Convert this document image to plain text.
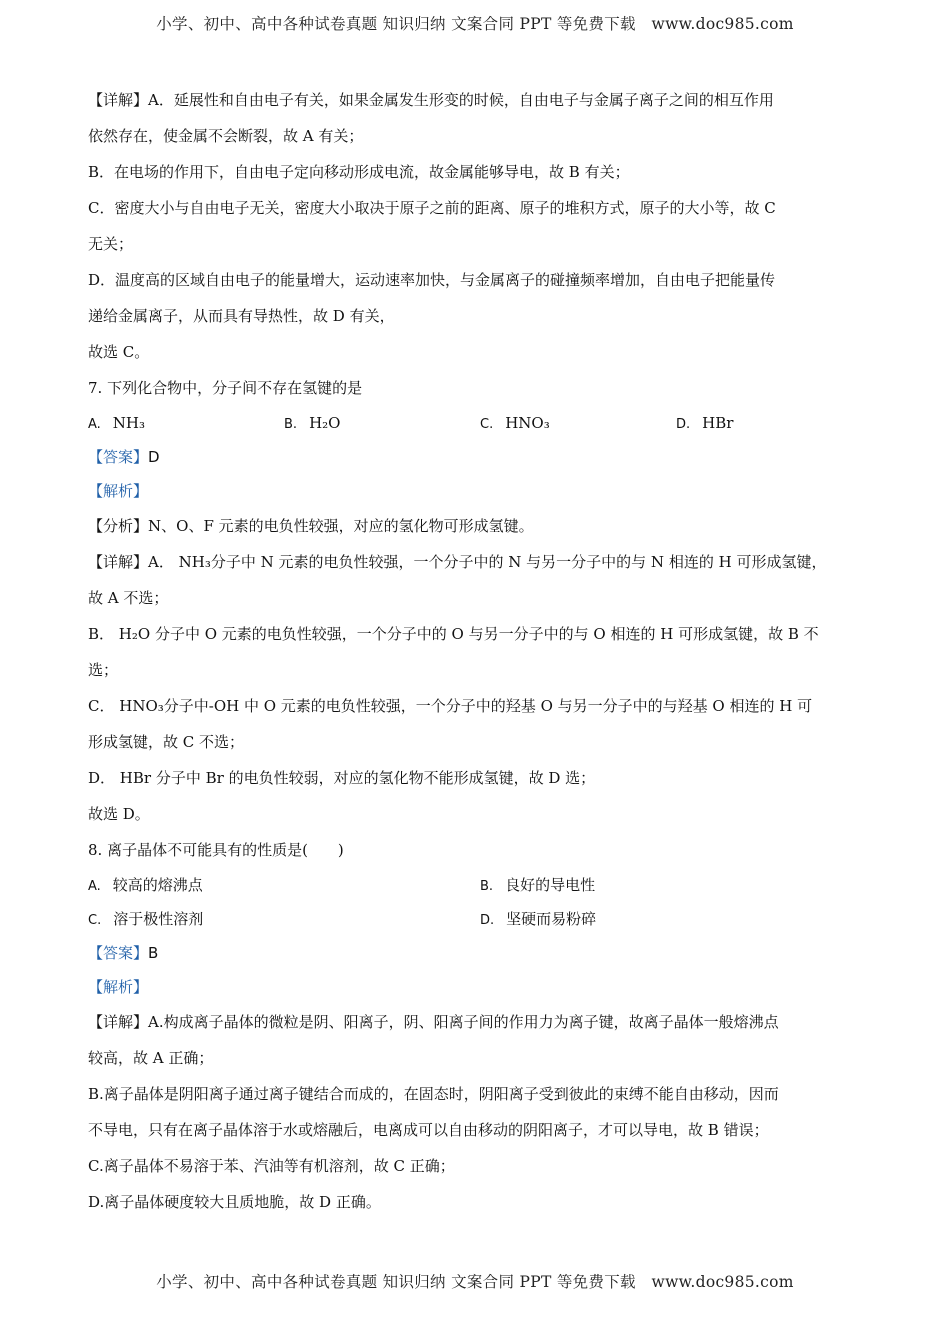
小学、初中、高中各种试卷真题 知识归纳 文案合同 PPT 等免费下载   www.doc985.com
【详解】A．延展性和自由电子有关，如果金属发生形变的时候，自由电子与金属子离子之间的相互作用
依然存在，使金属不会断裂，故 A 有关；
B．在电场的作用下，自由电子定向移动形成电流，故金属能够导电，故 B 有关；
C．密度大小与自由电子无关，密度大小取决于原子之前的距离、原子的堆积方式，原子的大小等，故 C
无关；
D．温度高的区域自由电子的能量增大，运动速率加快，与金属离子的碰撞频率增加，自由电子把能量传
递给金属离子，从而具有导热性，故 D 有关，
故选 C。
7. 下列化合物中，分子间不存在氢键的是
A. NH₃	B. H₂O	C. HNO₃	D. HBr
【答案】D
【解析】
【分析】N、O、F 元素的电负性较强，对应的氢化物可形成氢键。
【详解】A． NH₃分子中 N 元素的电负性较强，一个分子中的 N 与另一分子中的与 N 相连的 H 可形成氢键，
故 A 不选；
B． H₂O 分子中 O 元素的电负性较强，一个分子中的 O 与另一分子中的与 O 相连的 H 可形成氢键，故 B 不
选；
C． HNO₃分子中-OH 中 O 元素的电负性较强，一个分子中的羟基 O 与另一分子中的与羟基 O 相连的 H 可
形成氢键，故 C 不选；
D． HBr 分子中 Br 的电负性较弱，对应的氢化物不能形成氢键，故 D 选；
故选 D。
8. 离子晶体不可能具有的性质是(　　)
A. 较高的熔沸点	B. 良好的导电性
C. 溶于极性溶剂	D. 坚硬而易粉碎
【答案】B
【解析】
【详解】A.构成离子晶体的微粒是阴、阳离子，阴、阳离子间的作用力为离子键，故离子晶体一般熔沸点
较高，故 A 正确；
B.离子晶体是阴阳离子通过离子键结合而成的，在固态时，阴阳离子受到彼此的束缚不能自由移动，因而
不导电，只有在离子晶体溶于水或熔融后，电离成可以自由移动的阴阳离子，才可以导电，故 B 错误；
C.离子晶体不易溶于苯、汽油等有机溶剂，故 C 正确；
D.离子晶体硬度较大且质地脆，故 D 正确。
小学、初中、高中各种试卷真题 知识归纳 文案合同 PPT 等免费下载   www.doc985.com
